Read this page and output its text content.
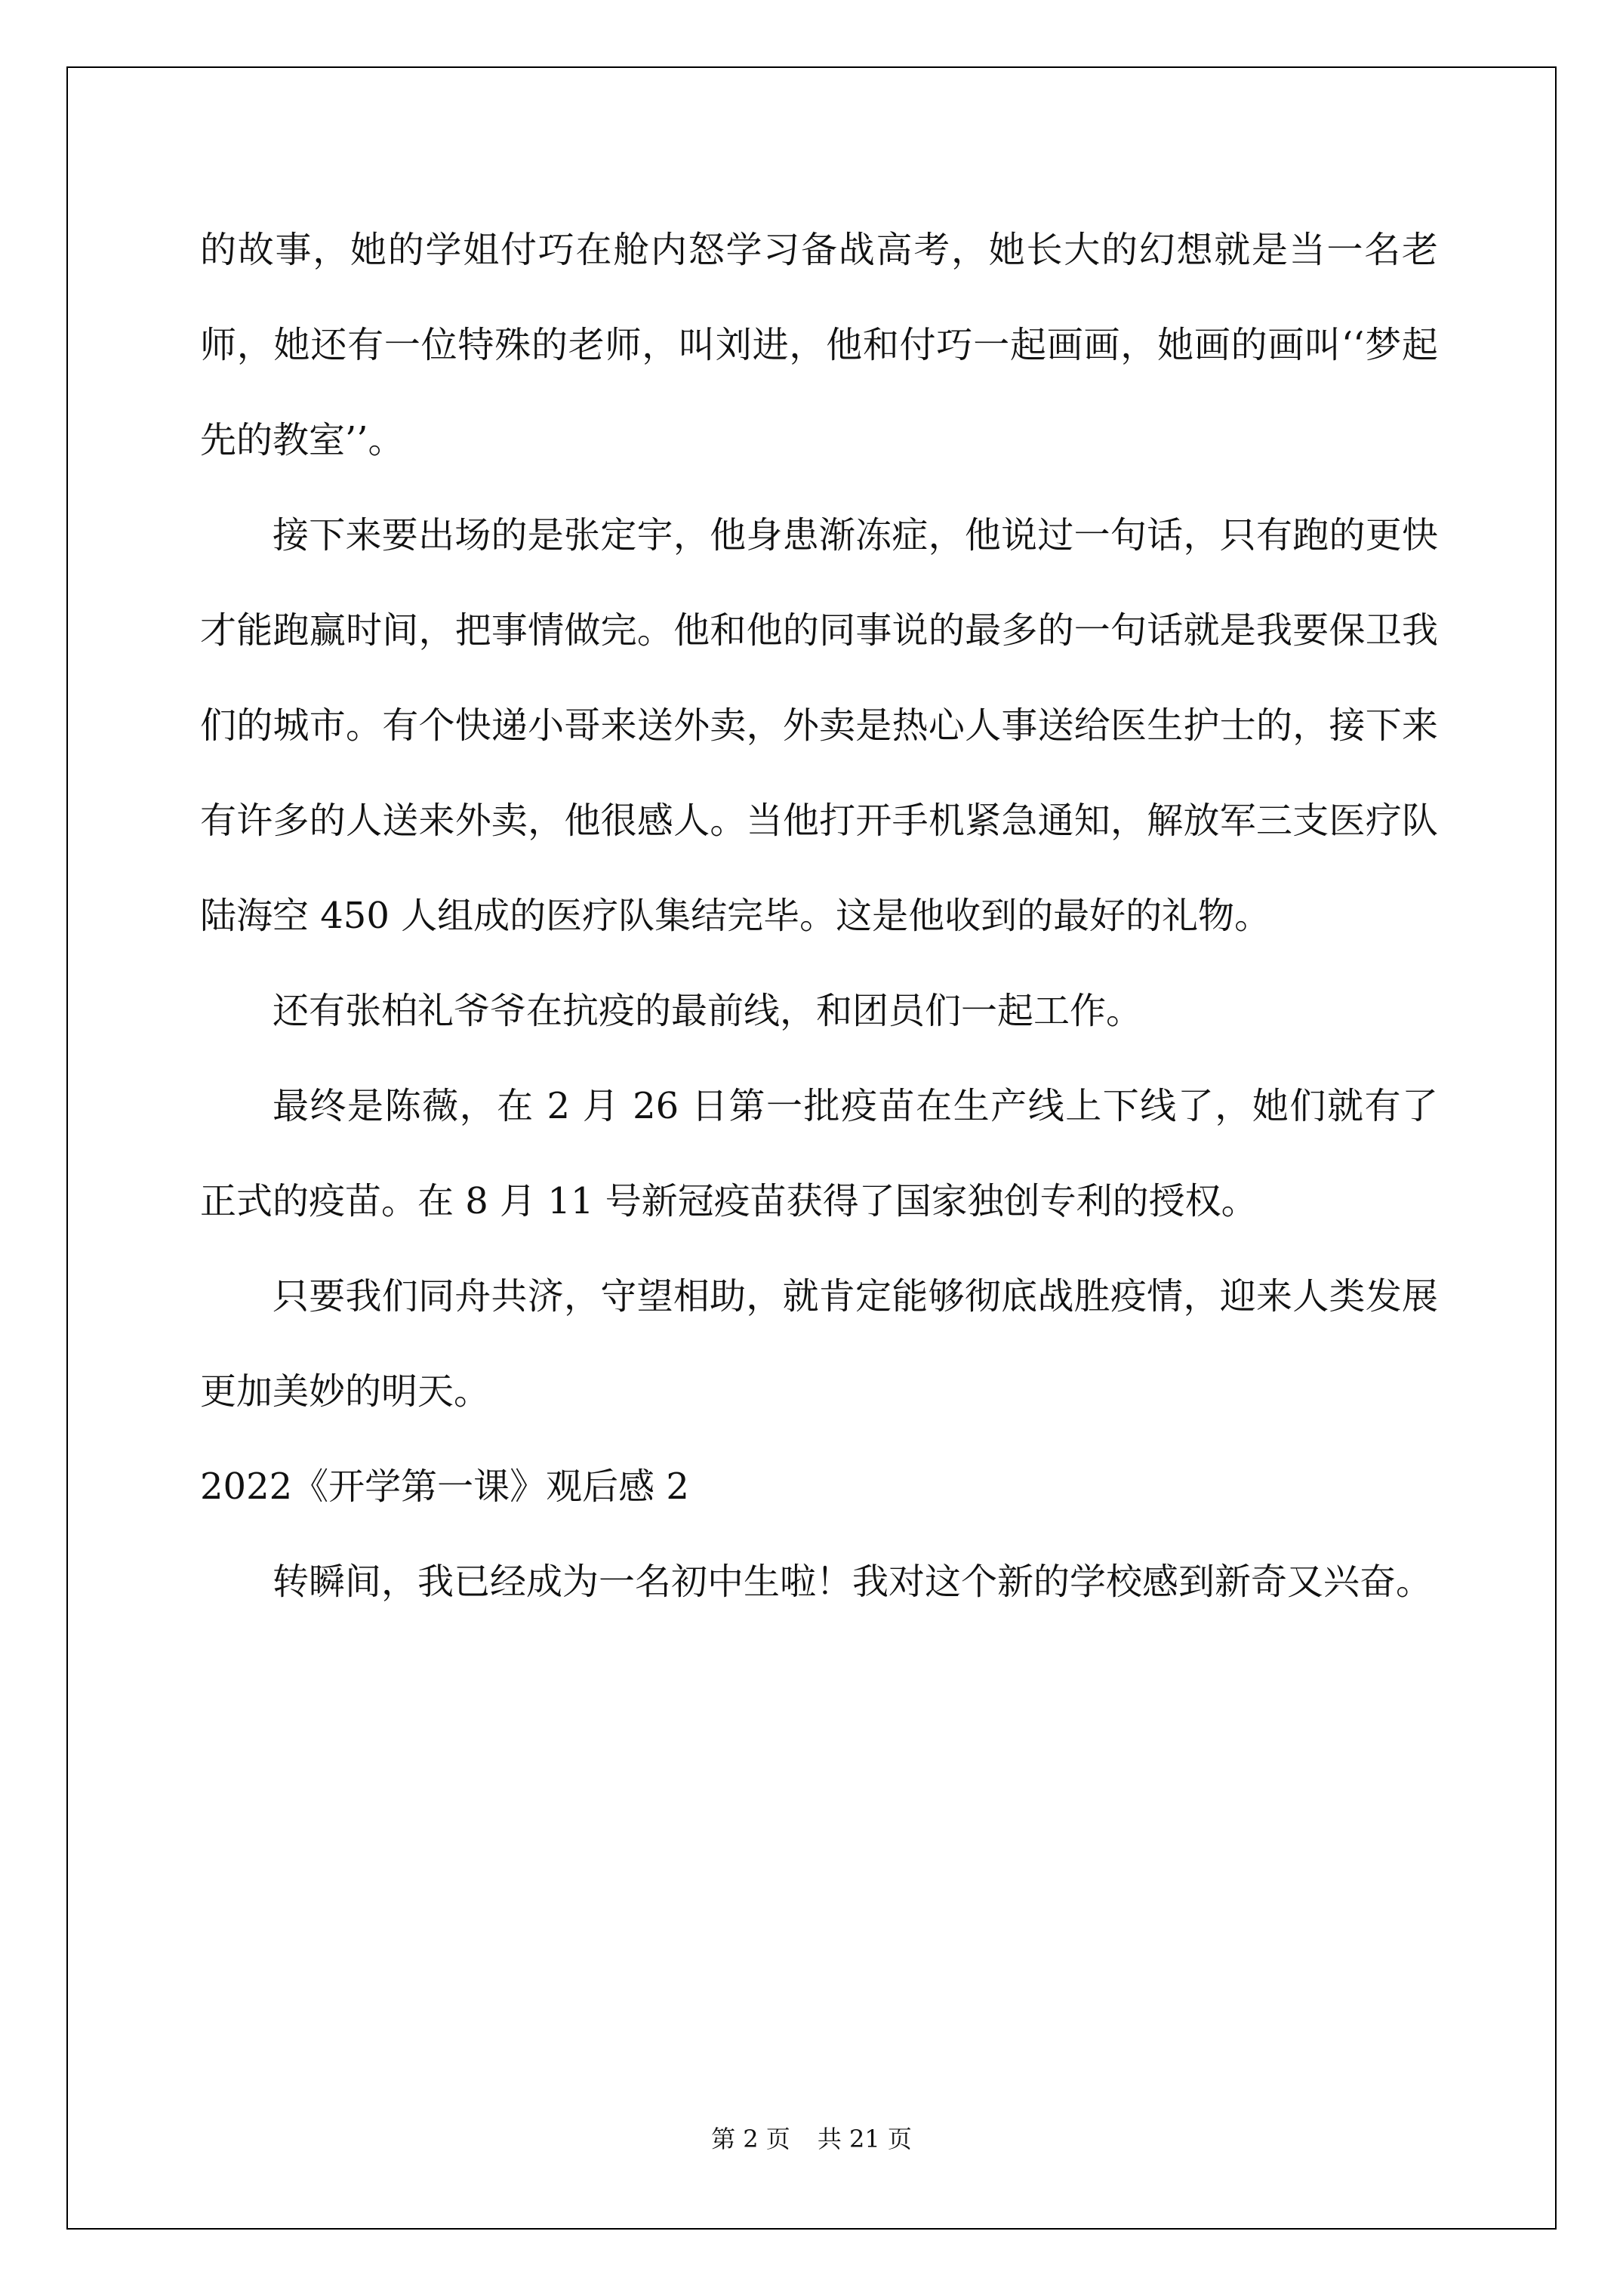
的故事，她的学姐付巧在舱内怒学习备战高考，她长大的幻想就是当一名老师，她还有一位特殊的老师，叫刘进，他和付巧一起画画，她画的画叫‘‘梦起先的教室’’。

接下来要出场的是张定宇，他身患渐冻症，他说过一句话，只有跑的更快才能跑赢时间，把事情做完。他和他的同事说的最多的一句话就是我要保卫我们的城市。有个快递小哥来送外卖，外卖是热心人事送给医生护士的，接下来有许多的人送来外卖，他很感人。当他打开手机紧急通知，解放军三支医疗队陆海空 450 人组成的医疗队集结完毕。这是他收到的最好的礼物。

还有张柏礼爷爷在抗疫的最前线，和团员们一起工作。

最终是陈薇，在 2 月 26 日第一批疫苗在生产线上下线了，她们就有了正式的疫苗。在 8 月 11 号新冠疫苗获得了国家独创专利的授权。

只要我们同舟共济，守望相助，就肯定能够彻底战胜疫情，迎来人类发展更加美妙的明天。

2022《开学第一课》观后感 2

转瞬间，我已经成为一名初中生啦！我对这个新的学校感到新奇又兴奋。

第 2 页 共 21 页
